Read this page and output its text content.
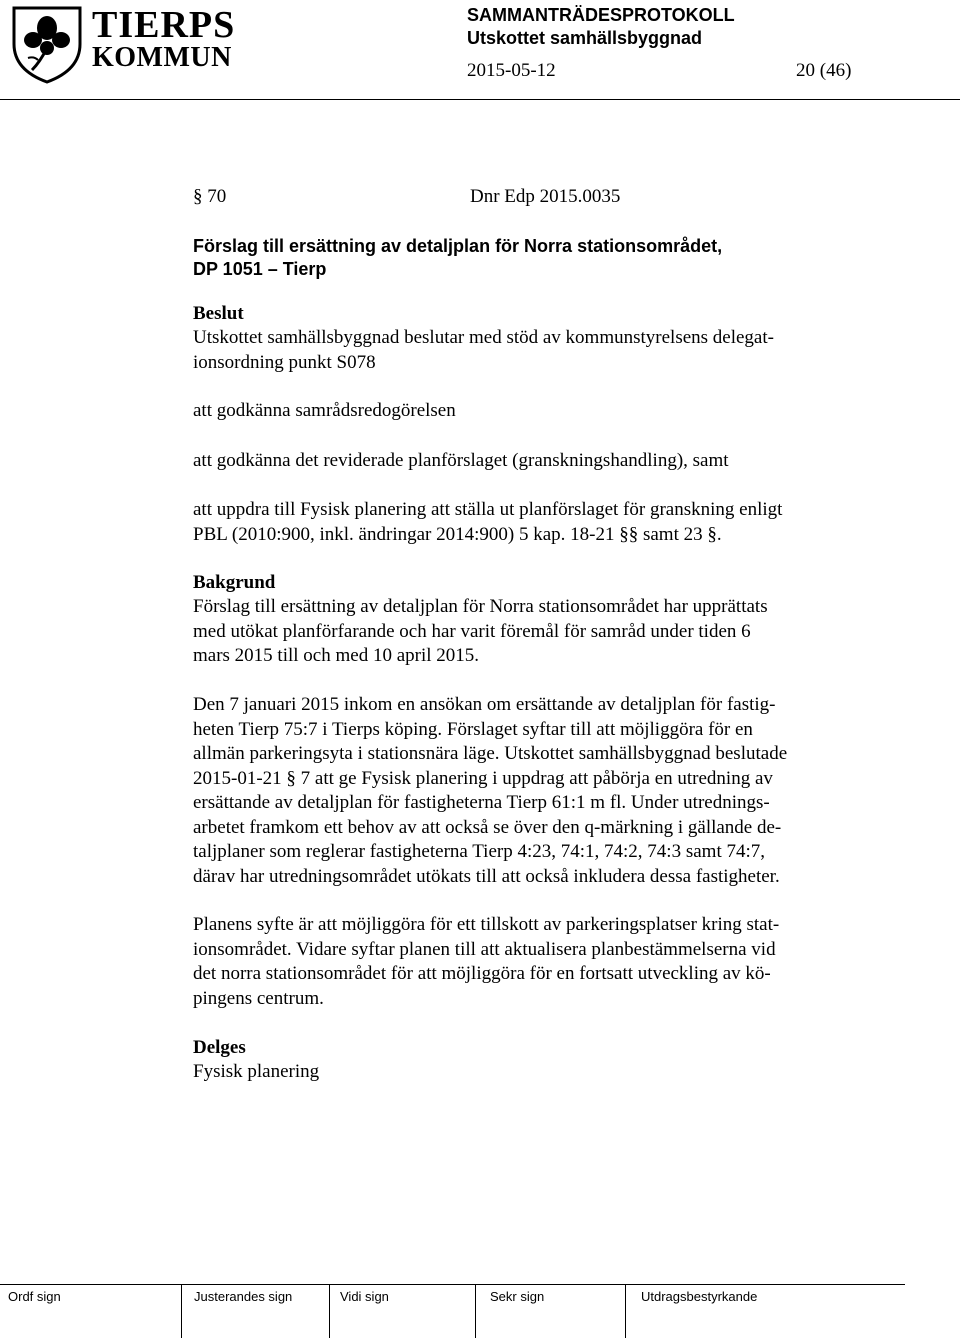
TIERPS
KOMMUN
SAMMANTRÄDESPROTOKOLL
Utskottet samhällsbyggnad
2015-05-12	20 (46)
§ 70	Dnr Edp 2015.0035
Förslag till ersättning av detaljplan för Norra stationsområdet,
DP 1051 – Tierp
Beslut
Utskottet samhällsbyggnad beslutar med stöd av kommunstyrelsens delegat-
ionsordning punkt S078
att godkänna samrådsredogörelsen
att godkänna det reviderade planförslaget (granskningshandling), samt
att uppdra till Fysisk planering att ställa ut planförslaget för granskning enligt
PBL (2010:900, inkl. ändringar 2014:900) 5 kap. 18-21 §§ samt 23 §.
Bakgrund
Förslag till ersättning av detaljplan för Norra stationsområdet har upprättats
med utökat planförfarande och har varit föremål för samråd under tiden 6
mars 2015 till och med 10 april 2015.
Den 7 januari 2015 inkom en ansökan om ersättande av detaljplan för fastig-
heten Tierp 75:7 i Tierps köping. Förslaget syftar till att möjliggöra för en
allmän parkeringsyta i stationsnära läge. Utskottet samhällsbyggnad beslutade
2015-01-21 § 7 att ge Fysisk planering i uppdrag att påbörja en utredning av
ersättande av detaljplan för fastigheterna Tierp 61:1 m fl. Under utrednings-
arbetet framkom ett behov av att också se över den q-märkning i gällande de-
taljplaner som reglerar fastigheterna Tierp 4:23, 74:1, 74:2, 74:3 samt 74:7,
därav har utredningsområdet utökats till att också inkludera dessa fastigheter.
Planens syfte är att möjliggöra för ett tillskott av parkeringsplatser kring stat-
ionsområdet. Vidare syftar planen till att aktualisera planbestämmelserna vid
det norra stationsområdet för att möjliggöra för en fortsatt utveckling av kö-
pingens centrum.
Delges
Fysisk planering
Ordf sign	Justerandes sign	Vidi sign	Sekr sign	Utdragsbestyrkande
